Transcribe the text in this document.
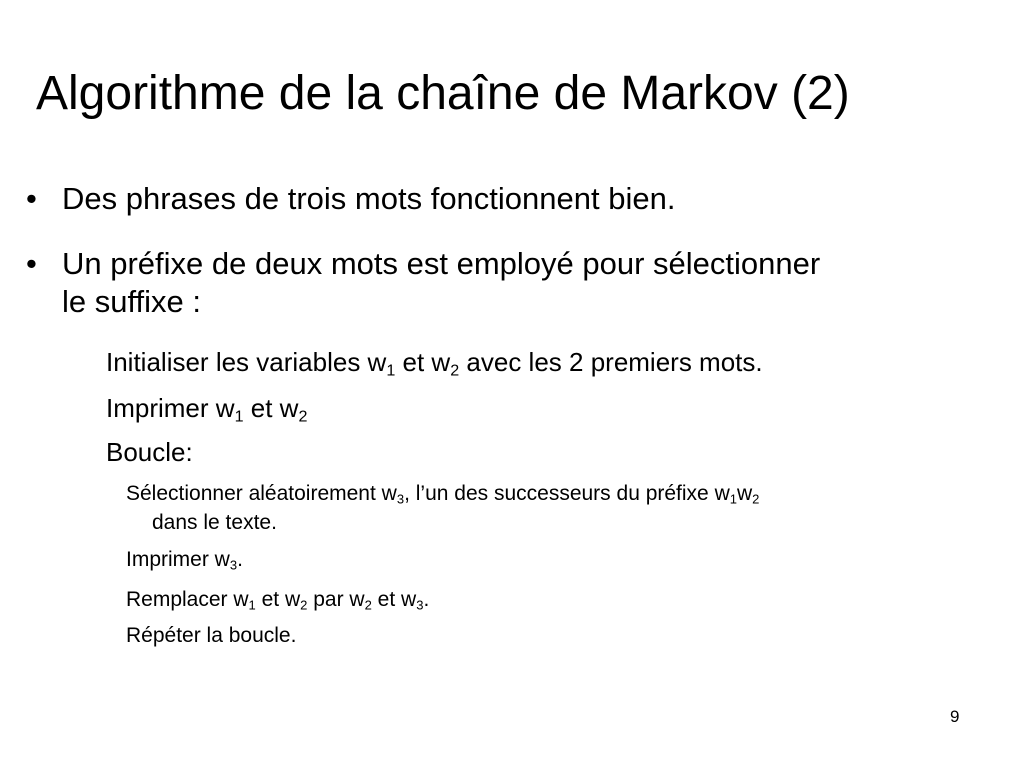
Algorithme de la chaîne de Markov (2)
• Des phrases de trois mots fonctionnent bien.
• Un préfixe de deux mots est employé pour sélectionner
le suffixe :
Initialiser les variables $w_1$ et $w_2$ avec les 2 premiers mots.
Imprimer $w_1$ et $w_2$
Boucle:
Sélectionner aléatoirement $w_3$, l’un des successeurs du préfixe $w_1w_2$
dans le texte.
Imprimer $w_3$.
Remplacer $w_1$ et $w_2$ par $w_2$ et $w_3$.
Répéter la boucle.
9
